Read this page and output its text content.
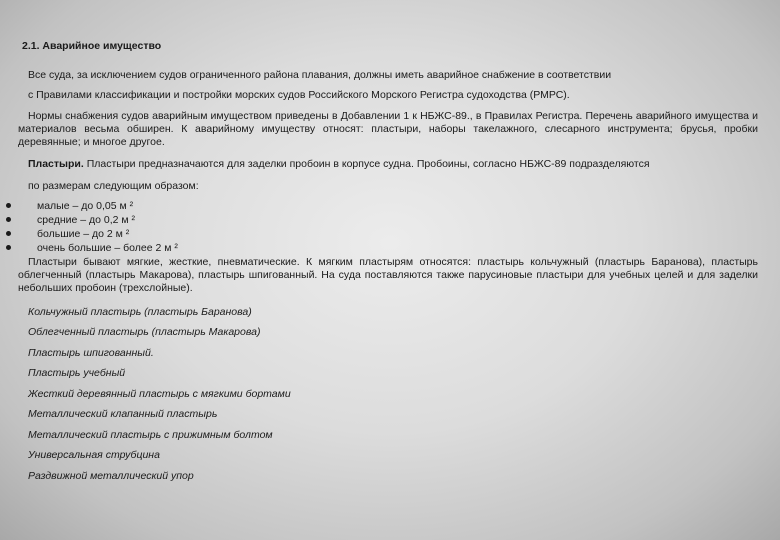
2.1. Аварийное имущество
Все суда, за исключением судов ограниченного района плавания, должны иметь аварийное снабжение в соответствии
с Правилами классификации и постройки морских судов Российского Морского Регистра судоходства (РМРС).
Нормы снабжения судов аварийным имуществом приведены в Добавлении 1 к НБЖС-89., в Правилах Регистра. Перечень аварийного имущества и материалов весьма обширен. К аварийному имуществу относят: пластыри, наборы такелажного, слесарного инструмента; брусья, пробки деревянные; и многое другое.
Пластыри. Пластыри предназначаются для заделки пробоин в корпусе судна. Пробоины, согласно НБЖС-89 подразделяются
по размерам следующим образом:
малые – до 0,05 м ²
средние – до 0,2 м ²
большие – до 2 м ²
очень большие – более 2 м ²
Пластыри бывают мягкие, жесткие, пневматические. К мягким пластырям относятся: пластырь кольчужный (пластырь Баранова), пластырь облегченный (пластырь Макарова), пластырь шпигованный. На суда поставляются также парусиновые пластыри для учебных целей и для заделки небольших пробоин (трехслойные).
Кольчужный пластырь (пластырь Баранова)
Облегченный пластырь (пластырь Макарова)
Пластырь шпигованный.
Пластырь учебный
Жесткий деревянный пластырь с мягкими бортами
Металлический клапанный пластырь
Металлический пластырь с прижимным болтом
Универсальная струбцина
Раздвижной металлический упор
